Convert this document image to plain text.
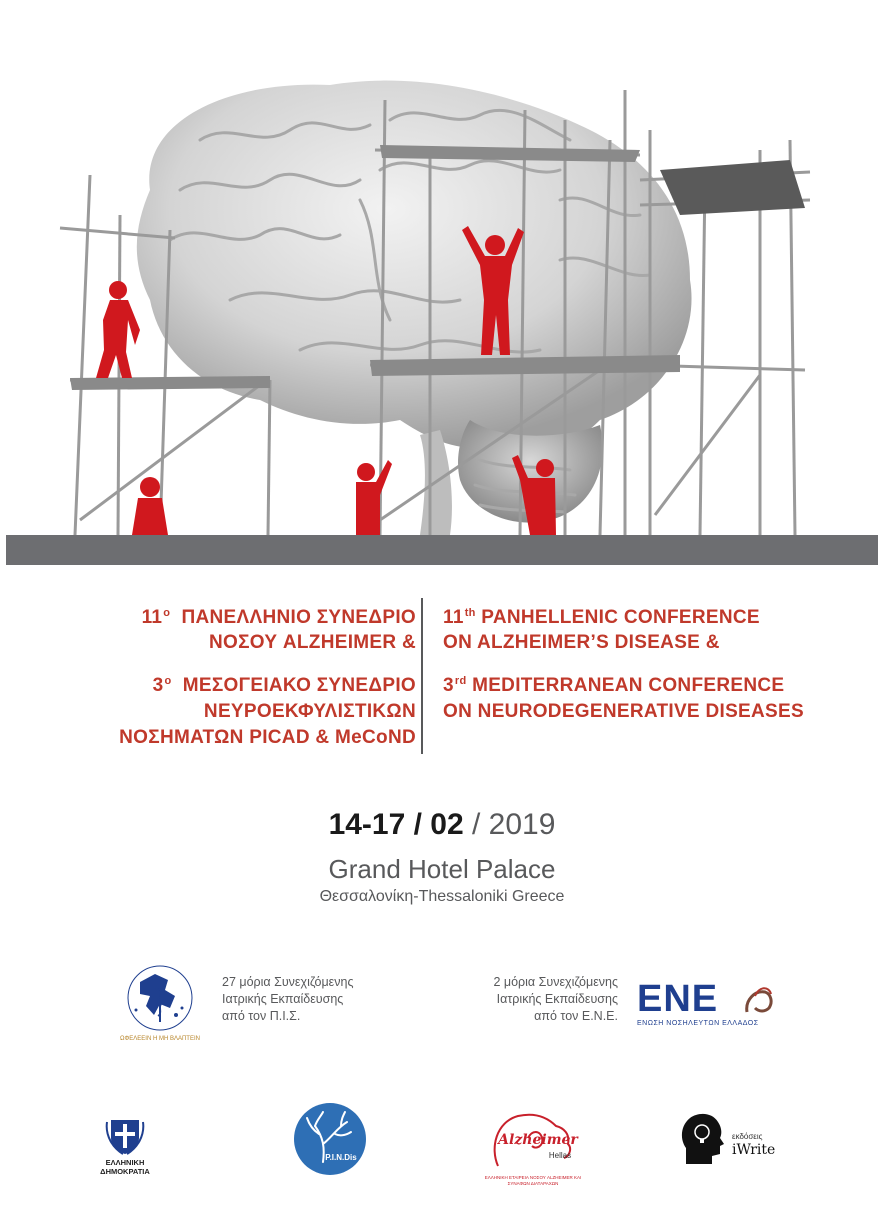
$11^o$ ΠΑΝΕΛΛΗΝΙΟ ΣΥΝΕΔΡΙΟ
ΝΟΣΟΥ ALZHEIMER &
$3^o$ ΜΕΣΟΓΕΙΑΚΟ ΣΥΝΕΔΡΙΟ
ΝΕΥΡΟΕΚΦΥΛΙΣΤΙΚΩΝ
ΝΟΣΗΜΑΤΩΝ PICAD & MeCoND
11th PANHELLENIC CONFERENCE
ON ALZHEIMER’S DISEASE &
3rd MEDITERRANEAN CONFERENCE
ON NEURODEGENERATIVE DISEASES
14-17 / 02 / 2019
Grand Hotel Palace
Θεσσαλονίκη-Thessaloniki Greece
ΩΦΕΛΕΕΙΝ Η ΜΗ ΒΛΑΠΤΕΙΝ
27 μόρια Συνεχιζόμενης
Ιατρικής Εκπαίδευσης
από τον Π.Ι.Σ.
2 μόρια Συνεχιζόμενης
Ιατρικής Εκπαίδευσης
από τον Ε.Ν.Ε. ΕΝΕ
ΕΝΩΣΗ ΝΟΣΗΛΕΥΤΩΝ ΕΛΛΑΔΟΣ
ΕΛΛΗΝΙΚΗ ΔΗΜΟΚΡΑΤΙΑ
P.I.N.Dis
Alzheimer
Hellas
ΕΛΛΗΝΙΚΗ ΕΤΑΙΡΕΙΑ ΝΟΣΟΥ ALZHEIMER ΚΑΙ ΣΥΝΑΦΩΝ ΔΙΑΤΑΡΑΧΩΝ
εκδόσεις
iWrite
